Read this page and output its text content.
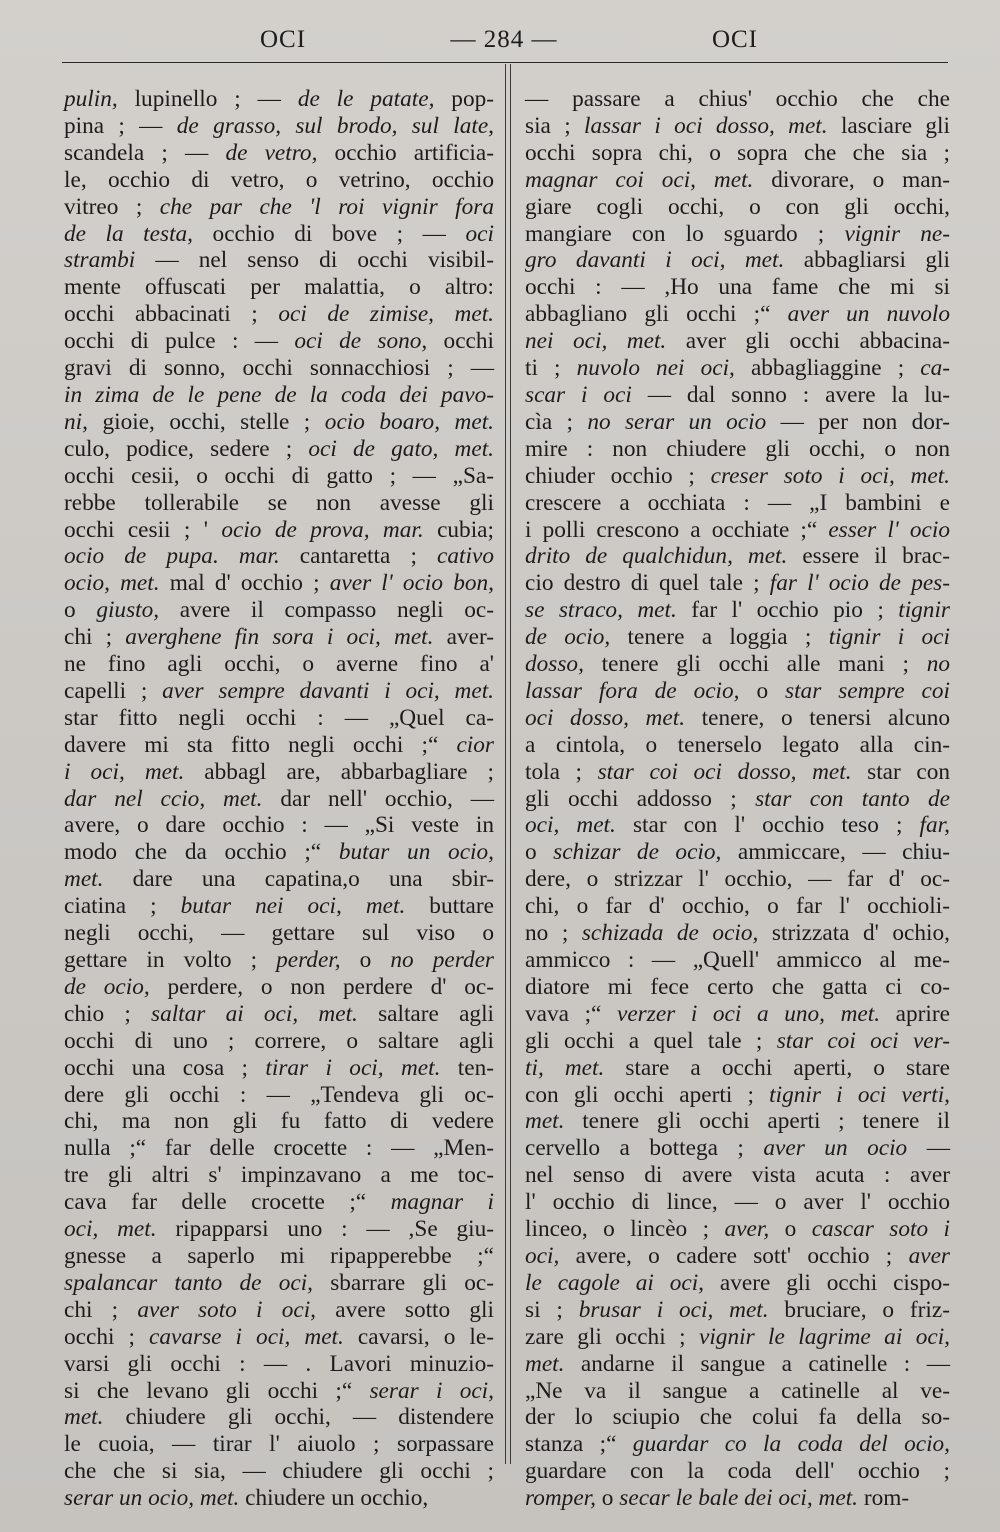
OCI	— 284 —	OCI
pulin, lupinello ; — de le patate, pop-
pina ; — de grasso, sul brodo, sul late,
scandela ; — de vetro, occhio artificia-
le, occhio di vetro, o vetrino, occhio
vitreo ; che par che 'l roi vignir fora
de la testa, occhio di bove ; — oci
strambi — nel senso di occhi visibil-
mente offuscati per malattia, o altro:
occhi abbacinati ; oci de zimise, met.
occhi di pulce : — oci de sono, occhi
gravi di sonno, occhi sonnacchiosi ; —
in zima de le pene de la coda dei pavo-
ni, gioie, occhi, stelle ; ocio boaro, met.
culo, podice, sedere ; oci de gato, met.
occhi cesii, o occhi di gatto ; — „Sa-
rebbe tollerabile se non avesse gli
occhi cesii ; ' ocio de prova, mar. cubia;
ocio de pupa. mar. cantaretta ; cativo
ocio, met. mal d' occhio ; aver l' ocio bon,
o giusto, avere il compasso negli oc-
chi ; averghene fin sora i oci, met. aver-
ne fino agli occhi, o averne fino a'
capelli ; aver sempre davanti i oci, met.
star fitto negli occhi : — „Quel ca-
davere mi sta fitto negli occhi ;“ cior
i oci, met. abbagl are, abbarbagliare ;
dar nel ccio, met. dar nell' occhio, —
avere, o dare occhio : — „Si veste in
modo che da occhio ;“ butar un ocio,
met. dare una capatina,o una sbir-
ciatina ; butar nei oci, met. buttare
negli occhi, — gettare sul viso o
gettare in volto ; perder, o no perder
de ocio, perdere, o non perdere d' oc-
chio ; saltar ai oci, met. saltare agli
occhi di uno ; correre, o saltare agli
occhi una cosa ; tirar i oci, met. ten-
dere gli occhi : — „Tendeva gli oc-
chi, ma non gli fu fatto di vedere
nulla ;“ far delle crocette : — „Men-
tre gli altri s' impinzavano a me toc-
cava far delle crocette ;“ magnar i
oci, met. ripapparsi uno : — ,Se giu-
gnesse a saperlo mi ripapperebbe ;“
spalancar tanto de oci, sbarrare gli oc-
chi ; aver soto i oci, avere sotto gli
occhi ; cavarse i oci, met. cavarsi, o le-
varsi gli occhi : — . Lavori minuzio-
si che levano gli occhi ;“ serar i oci,
met. chiudere gli occhi, — distendere
le cuoia, — tirar l' aiuolo ; sorpassare
che che si sia, — chiudere gli occhi ;
serar un ocio, met. chiudere un occhio,
— passare a chius' occhio che che
sia ; lassar i oci dosso, met. lasciare gli
occhi sopra chi, o sopra che che sia ;
magnar coi oci, met. divorare, o man-
giare cogli occhi, o con gli occhi,
mangiare con lo sguardo ; vignir ne-
gro davanti i oci, met. abbagliarsi gli
occhi : — ,Ho una fame che mi si
abbagliano gli occhi ;“ aver un nuvolo
nei oci, met. aver gli occhi abbacina-
ti ; nuvolo nei oci, abbagliaggine ; ca-
scar i oci — dal sonno : avere la lu-
cìa ; no serar un ocio — per non dor-
mire : non chiudere gli occhi, o non
chiuder occhio ; creser soto i oci, met.
crescere a occhiata : — „I bambini e
i polli crescono a occhiate ;“ esser l' ocio
drito de qualchidun, met. essere il brac-
cio destro di quel tale ; far l' ocio de pes-
se straco, met. far l' occhio pio ; tignir
de ocio, tenere a loggia ; tignir i oci
dosso, tenere gli occhi alle mani ; no
lassar fora de ocio, o star sempre coi
oci dosso, met. tenere, o tenersi alcuno
a cintola, o tenerselo legato alla cin-
tola ; star coi oci dosso, met. star con
gli occhi addosso ; star con tanto de
oci, met. star con l' occhio teso ; far,
o schizar de ocio, ammiccare, — chiu-
dere, o strizzar l' occhio, — far d' oc-
chi, o far d' occhio, o far l' occhioli-
no ; schizada de ocio, strizzata d' ochio,
ammicco : — „Quell' ammicco al me-
diatore mi fece certo che gatta ci co-
vava ;“ verzer i oci a uno, met. aprire
gli occhi a quel tale ; star coi oci ver-
ti, met. stare a occhi aperti, o stare
con gli occhi aperti ; tignir i oci verti,
met. tenere gli occhi aperti ; tenere il
cervello a bottega ; aver un ocio —
nel senso di avere vista acuta : aver
l' occhio di lince, — o aver l' occhio
linceo, o lincèo ; aver, o cascar soto i
oci, avere, o cadere sott' occhio ; aver
le cagole ai oci, avere gli occhi cispo-
si ; brusar i oci, met. bruciare, o friz-
zare gli occhi ; vignir le lagrime ai oci,
met. andarne il sangue a catinelle : —
„Ne va il sangue a catinelle al ve-
der lo sciupio che colui fa della so-
stanza ;“ guardar co la coda del ocio,
guardare con la coda dell' occhio ;
romper, o secar le bale dei oci, met. rom-
